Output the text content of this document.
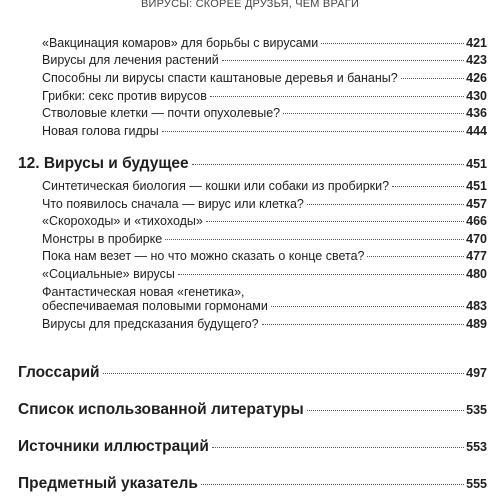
ВИРУСЫ: СКОРЕЕ ДРУЗЬЯ, ЧЕМ ВРАГИ
«Вакцинация комаров» для борьбы с вирусами	421
Вирусы для лечения растений	423
Способны ли вирусы спасти каштановые деревья и бананы?	426
Грибки: секс против вирусов	430
Стволовые клетки — почти опухолевые?	436
Новая голова гидры	444
12. Вирусы и будущее	451
Синтетическая биология — кошки или собаки из пробирки?	451
Что появилось сначала — вирус или клетка?	457
«Скороходы» и «тихоходы»	466
Монстры в пробирке	470
Пока нам везет — но что можно сказать о конце света?	477
«Социальные» вирусы	480
Фантастическая новая «генетика»,
обеспечиваемая половыми гормонами	483
Вирусы для предсказания будущего?	489
Глоссарий	497
Список использованной литературы	535
Источники иллюстраций	553
Предметный указатель	555
